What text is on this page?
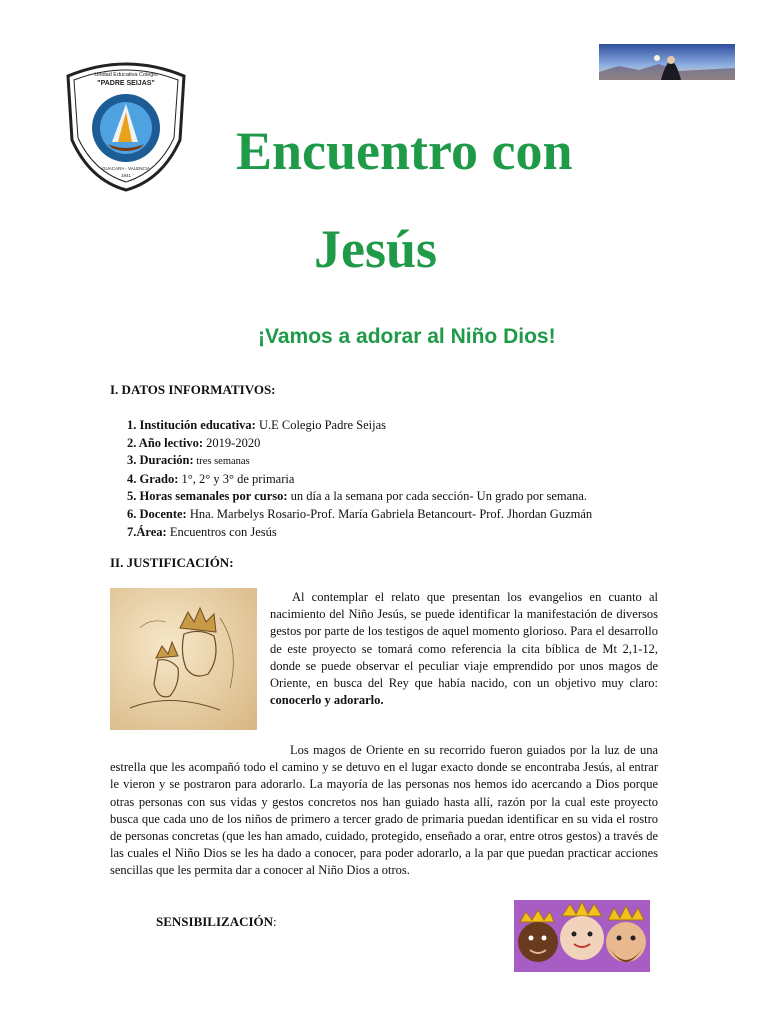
Unidad Educativa Colegio
"PADRE SEIJAS"
GUACARA - VALENCIA
1941 Encuentro con
Jesús
¡Vamos a adorar al Niño Dios!
I. DATOS INFORMATIVOS:
1. Institución educativa: U.E Colegio Padre Seijas
2. Año lectivo: 2019-2020
3. Duración: tres semanas
4. Grado: 1°, 2° y 3° de primaria
5. Horas semanales por curso: un día a la semana por cada sección- Un grado por semana.
6. Docente: Hna. Marbelys Rosario-Prof. María Gabriela Betancourt- Prof. Jhordan Guzmán
7.Área: Encuentros con Jesús
II. JUSTIFICACIÓN:

Al contemplar el relato que presentan los evangelios en cuanto al nacimiento del Niño Jesús, se puede identificar la manifestación de diversos gestos por parte de los testigos de aquel momento glorioso. Para el desarrollo de este proyecto se tomará como referencia la cita bíblica de Mt 2,1-12, donde se puede observar el peculiar viaje emprendido por unos magos de Oriente, en busca del Rey que había nacido, con un objetivo muy claro: conocerlo y adorarlo.

Los magos de Oriente en su recorrido fueron guiados por la luz de una estrella que les acompañó todo el camino y se detuvo en el lugar exacto donde se encontraba Jesús, al entrar le vieron y se postraron para adorarlo. La mayoría de las personas nos hemos ido acercando a Dios porque otras personas con sus vidas y gestos concretos nos han guiado hasta allí, razón por la cual este proyecto busca que cada uno de los niños de primero a tercer grado de primaria puedan identificar en su vida el rostro de personas concretas (que les han amado, cuidado, protegido, enseñado a orar, entre otros gestos) a través de las cuales el Niño Dios se les ha dado a conocer, para poder adorarlo, a la par que puedan practicar acciones sencillas que les permita dar a conocer al Niño Dios a otros.

SENSIBILIZACIÓN:
